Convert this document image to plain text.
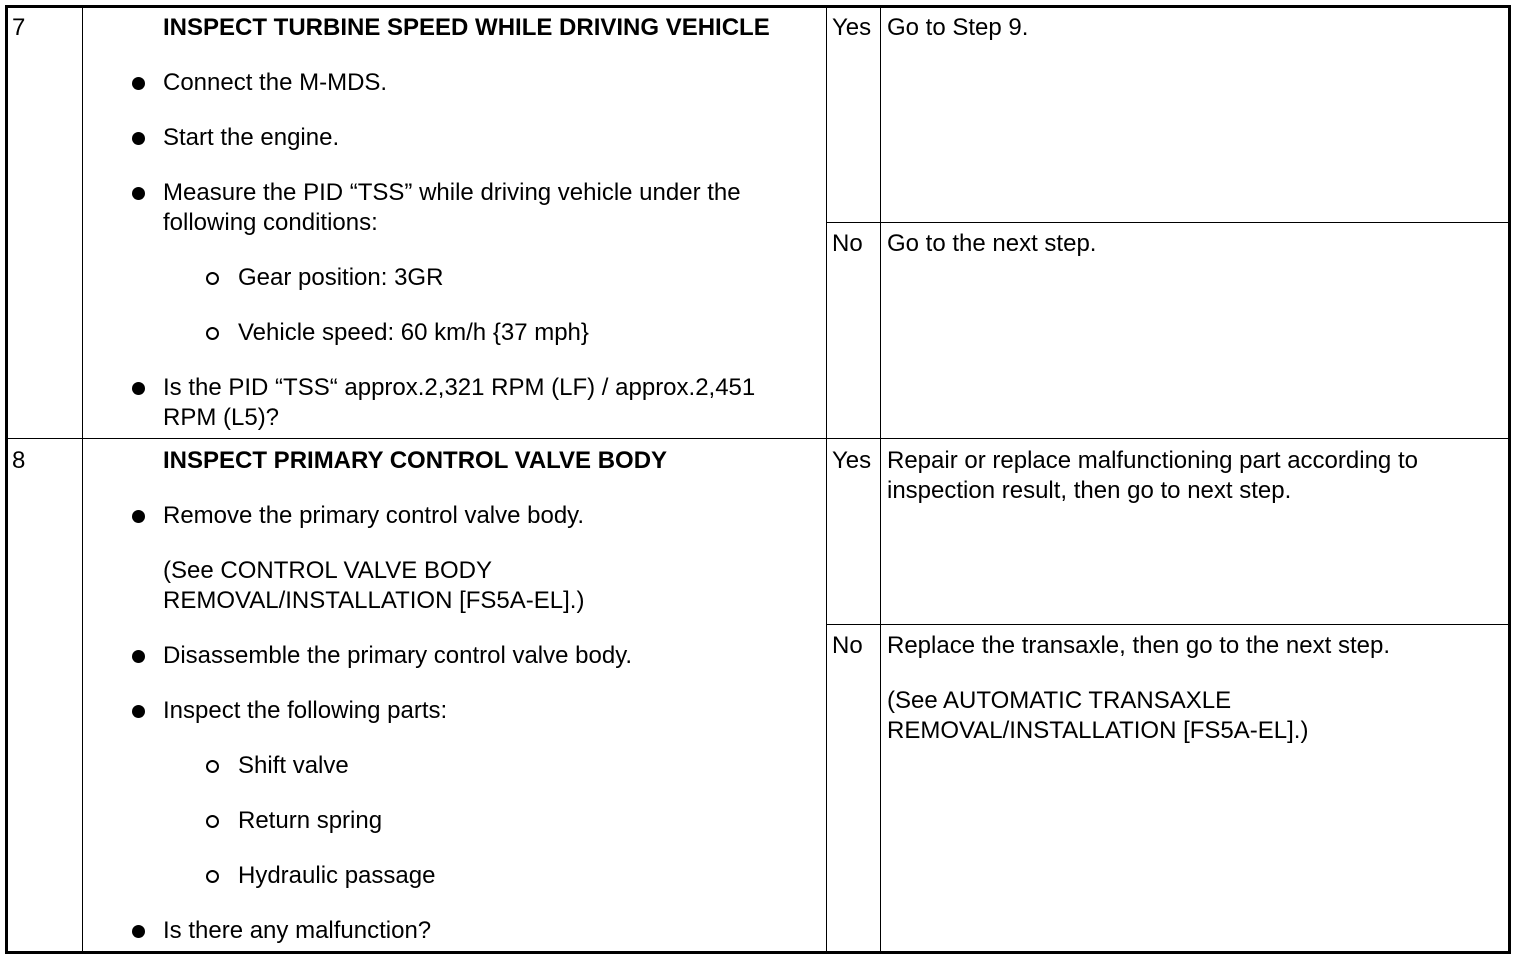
7	INSPECT TURBINE SPEED WHILE DRIVING VEHICLE
Connect the M-MDS.
Start the engine.
Measure the PID “TSS” while driving vehicle under the
following conditions:
Gear position: 3GR
Vehicle speed: 60 km/h {37 mph}
Is the PID “TSS“ approx.2,321 RPM (LF) / approx.2,451
RPM (L5)?
Yes Go to Step 9.
No Go to the next step.
8	INSPECT PRIMARY CONTROL VALVE BODY
Remove the primary control valve body.
(See CONTROL VALVE BODY
REMOVAL/INSTALLATION [FS5A-EL].)
Disassemble the primary control valve body.
Inspect the following parts:
Shift valve
Return spring
Hydraulic passage
Is there any malfunction?
Yes Repair or replace malfunctioning part according to
inspection result, then go to next step.
No Replace the transaxle, then go to the next step.
(See AUTOMATIC TRANSAXLE
REMOVAL/INSTALLATION [FS5A-EL].)
